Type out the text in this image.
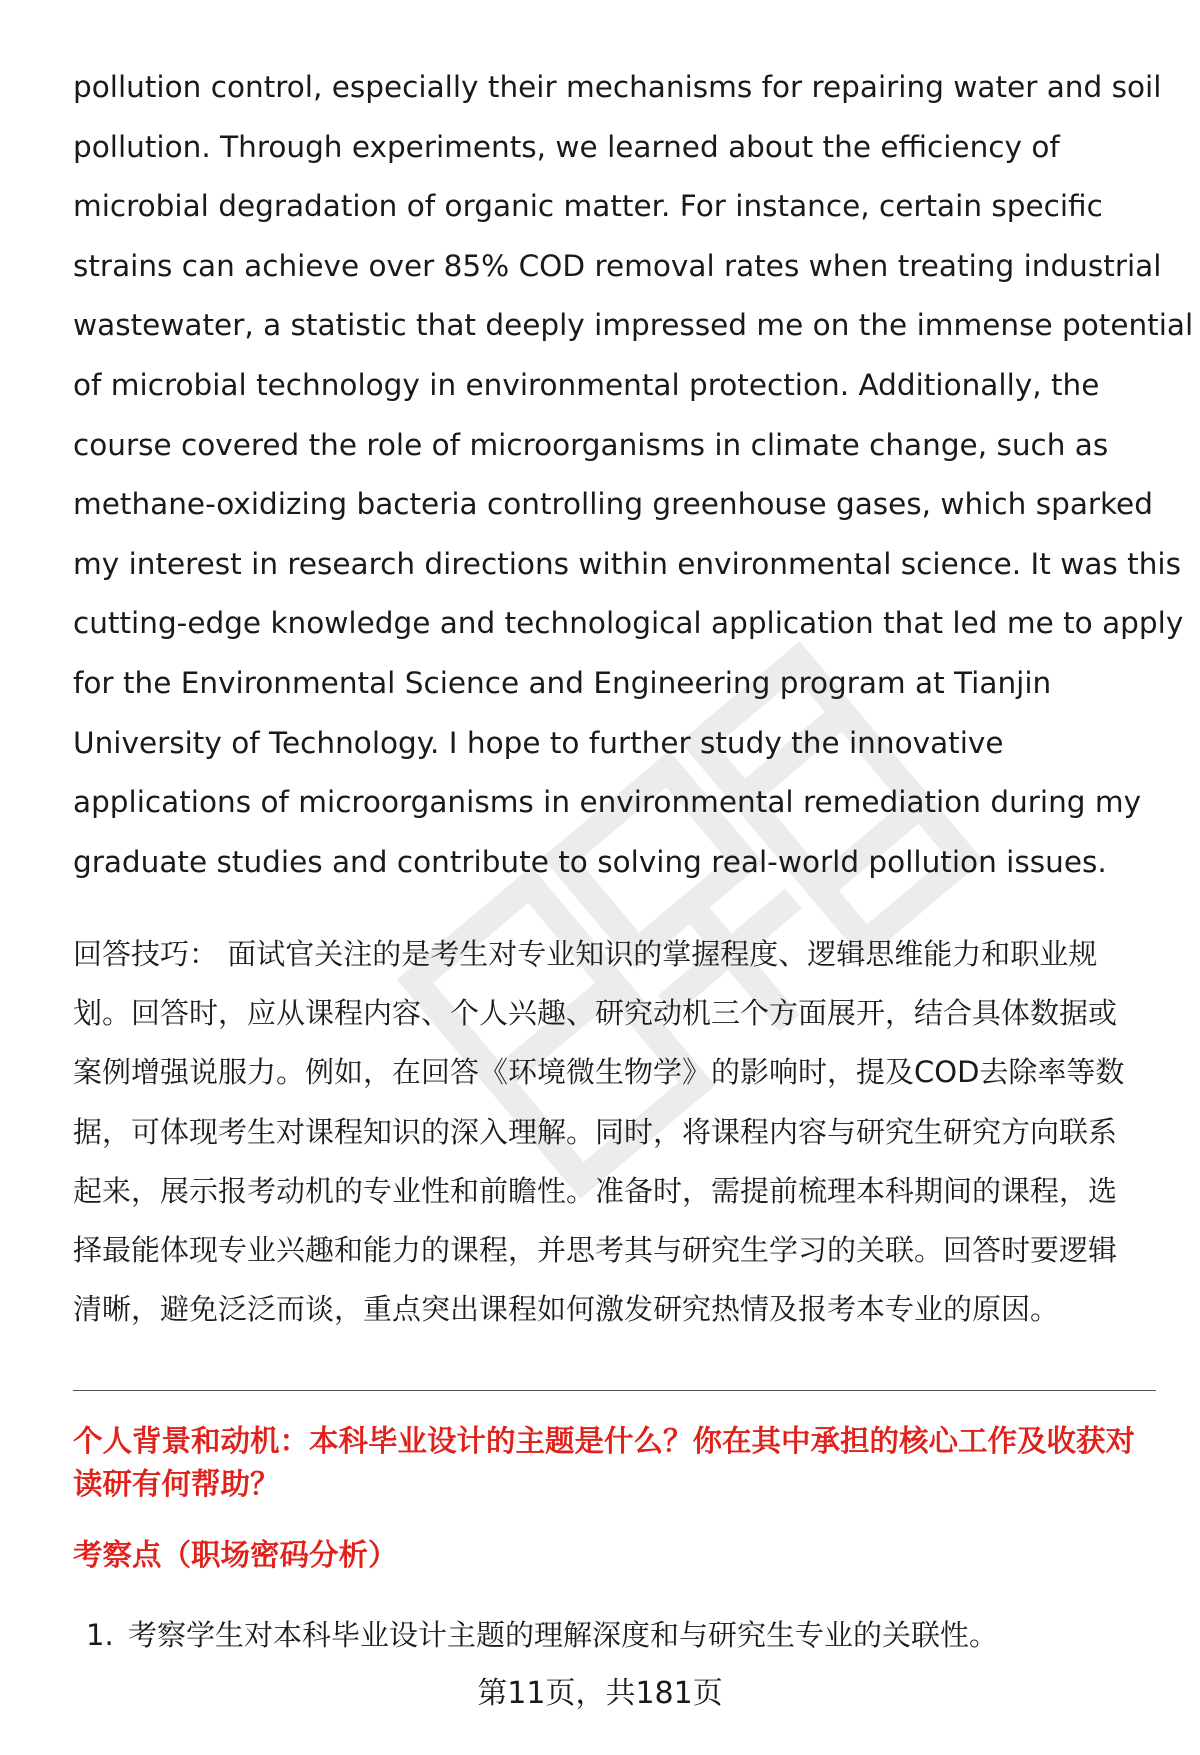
pollution control, especially their mechanisms for repairing water and soil
pollution. Through experiments, we learned about the efficiency of
microbial degradation of organic matter. For instance, certain specific
strains can achieve over 85% COD removal rates when treating industrial
wastewater, a statistic that deeply impressed me on the immense potential
of microbial technology in environmental protection. Additionally, the
course covered the role of microorganisms in climate change, such as
methane-oxidizing bacteria controlling greenhouse gases, which sparked
my interest in research directions within environmental science. It was this
cutting-edge knowledge and technological application that led me to apply
for the Environmental Science and Engineering program at Tianjin
University of Technology. I hope to further study the innovative
applications of microorganisms in environmental remediation during my
graduate studies and contribute to solving real-world pollution issues.
回答技巧： 面试官关注的是考生对专业知识的掌握程度、逻辑思维能力和职业规
划。回答时，应从课程内容、个人兴趣、研究动机三个方面展开，结合具体数据或
案例增强说服力。例如，在回答《环境微生物学》的影响时，提及COD去除率等数
据，可体现考生对课程知识的深入理解。同时，将课程内容与研究生研究方向联系
起来，展示报考动机的专业性和前瞻性。准备时，需提前梳理本科期间的课程，选
择最能体现专业兴趣和能力的课程，并思考其与研究生学习的关联。回答时要逻辑
清晰，避免泛泛而谈，重点突出课程如何激发研究热情及报考本专业的原因。
个人背景和动机：本科毕业设计的主题是什么？你在其中承担的核心工作及收获对
读研有何帮助？
考察点（职场密码分析）
1. 考察学生对本科毕业设计主题的理解深度和与研究生专业的关联性。
第11页，共181页
